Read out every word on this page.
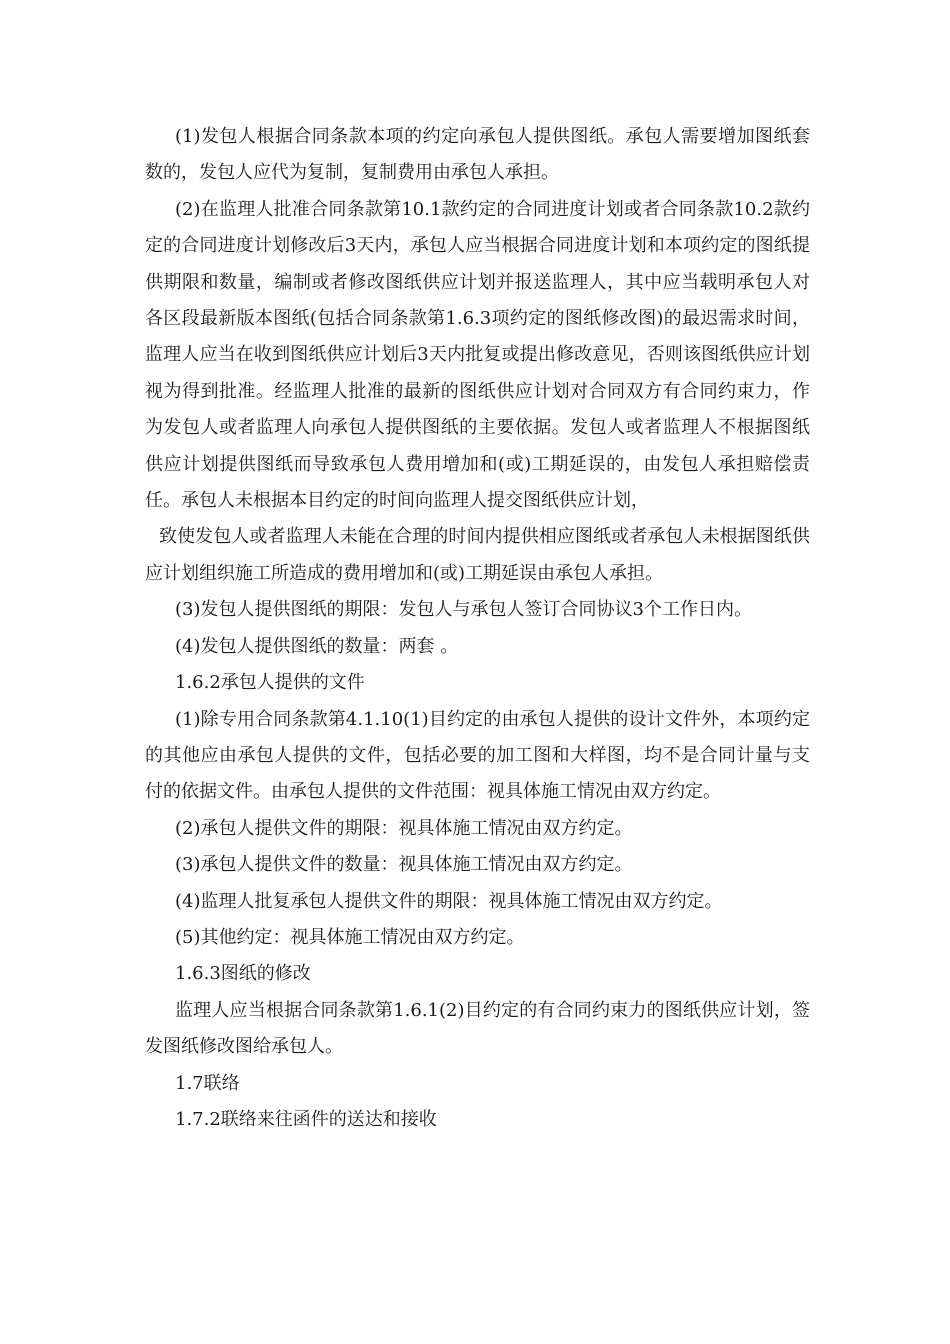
(1)发包人根据合同条款本项的约定向承包人提供图纸。承包人需要增加图纸套数的，发包人应代为复制，复制费用由承包人承担。

(2)在监理人批准合同条款第10.1款约定的合同进度计划或者合同条款10.2款约定的合同进度计划修改后3天内，承包人应当根据合同进度计划和本项约定的图纸提供期限和数量，编制或者修改图纸供应计划并报送监理人，其中应当载明承包人对各区段最新版本图纸(包括合同条款第1.6.3项约定的图纸修改图)的最迟需求时间，监理人应当在收到图纸供应计划后3天内批复或提出修改意见，否则该图纸供应计划视为得到批准。经监理人批准的最新的图纸供应计划对合同双方有合同约束力，作为发包人或者监理人向承包人提供图纸的主要依据。发包人或者监理人不根据图纸供应计划提供图纸而导致承包人费用增加和(或)工期延误的，由发包人承担赔偿责任。承包人未根据本目约定的时间向监理人提交图纸供应计划，

致使发包人或者监理人未能在合理的时间内提供相应图纸或者承包人未根据图纸供应计划组织施工所造成的费用增加和(或)工期延误由承包人承担。

(3)发包人提供图纸的期限：发包人与承包人签订合同协议3个工作日内。

(4)发包人提供图纸的数量：两套 。

1.6.2承包人提供的文件

(1)除专用合同条款第4.1.10(1)目约定的由承包人提供的设计文件外，本项约定的其他应由承包人提供的文件，包括必要的加工图和大样图，均不是合同计量与支付的依据文件。由承包人提供的文件范围：视具体施工情况由双方约定。

(2)承包人提供文件的期限：视具体施工情况由双方约定。

(3)承包人提供文件的数量：视具体施工情况由双方约定。

(4)监理人批复承包人提供文件的期限：视具体施工情况由双方约定。

(5)其他约定：视具体施工情况由双方约定。

1.6.3图纸的修改

监理人应当根据合同条款第1.6.1(2)目约定的有合同约束力的图纸供应计划，签发图纸修改图给承包人。

1.7联络

1.7.2联络来往函件的送达和接收
